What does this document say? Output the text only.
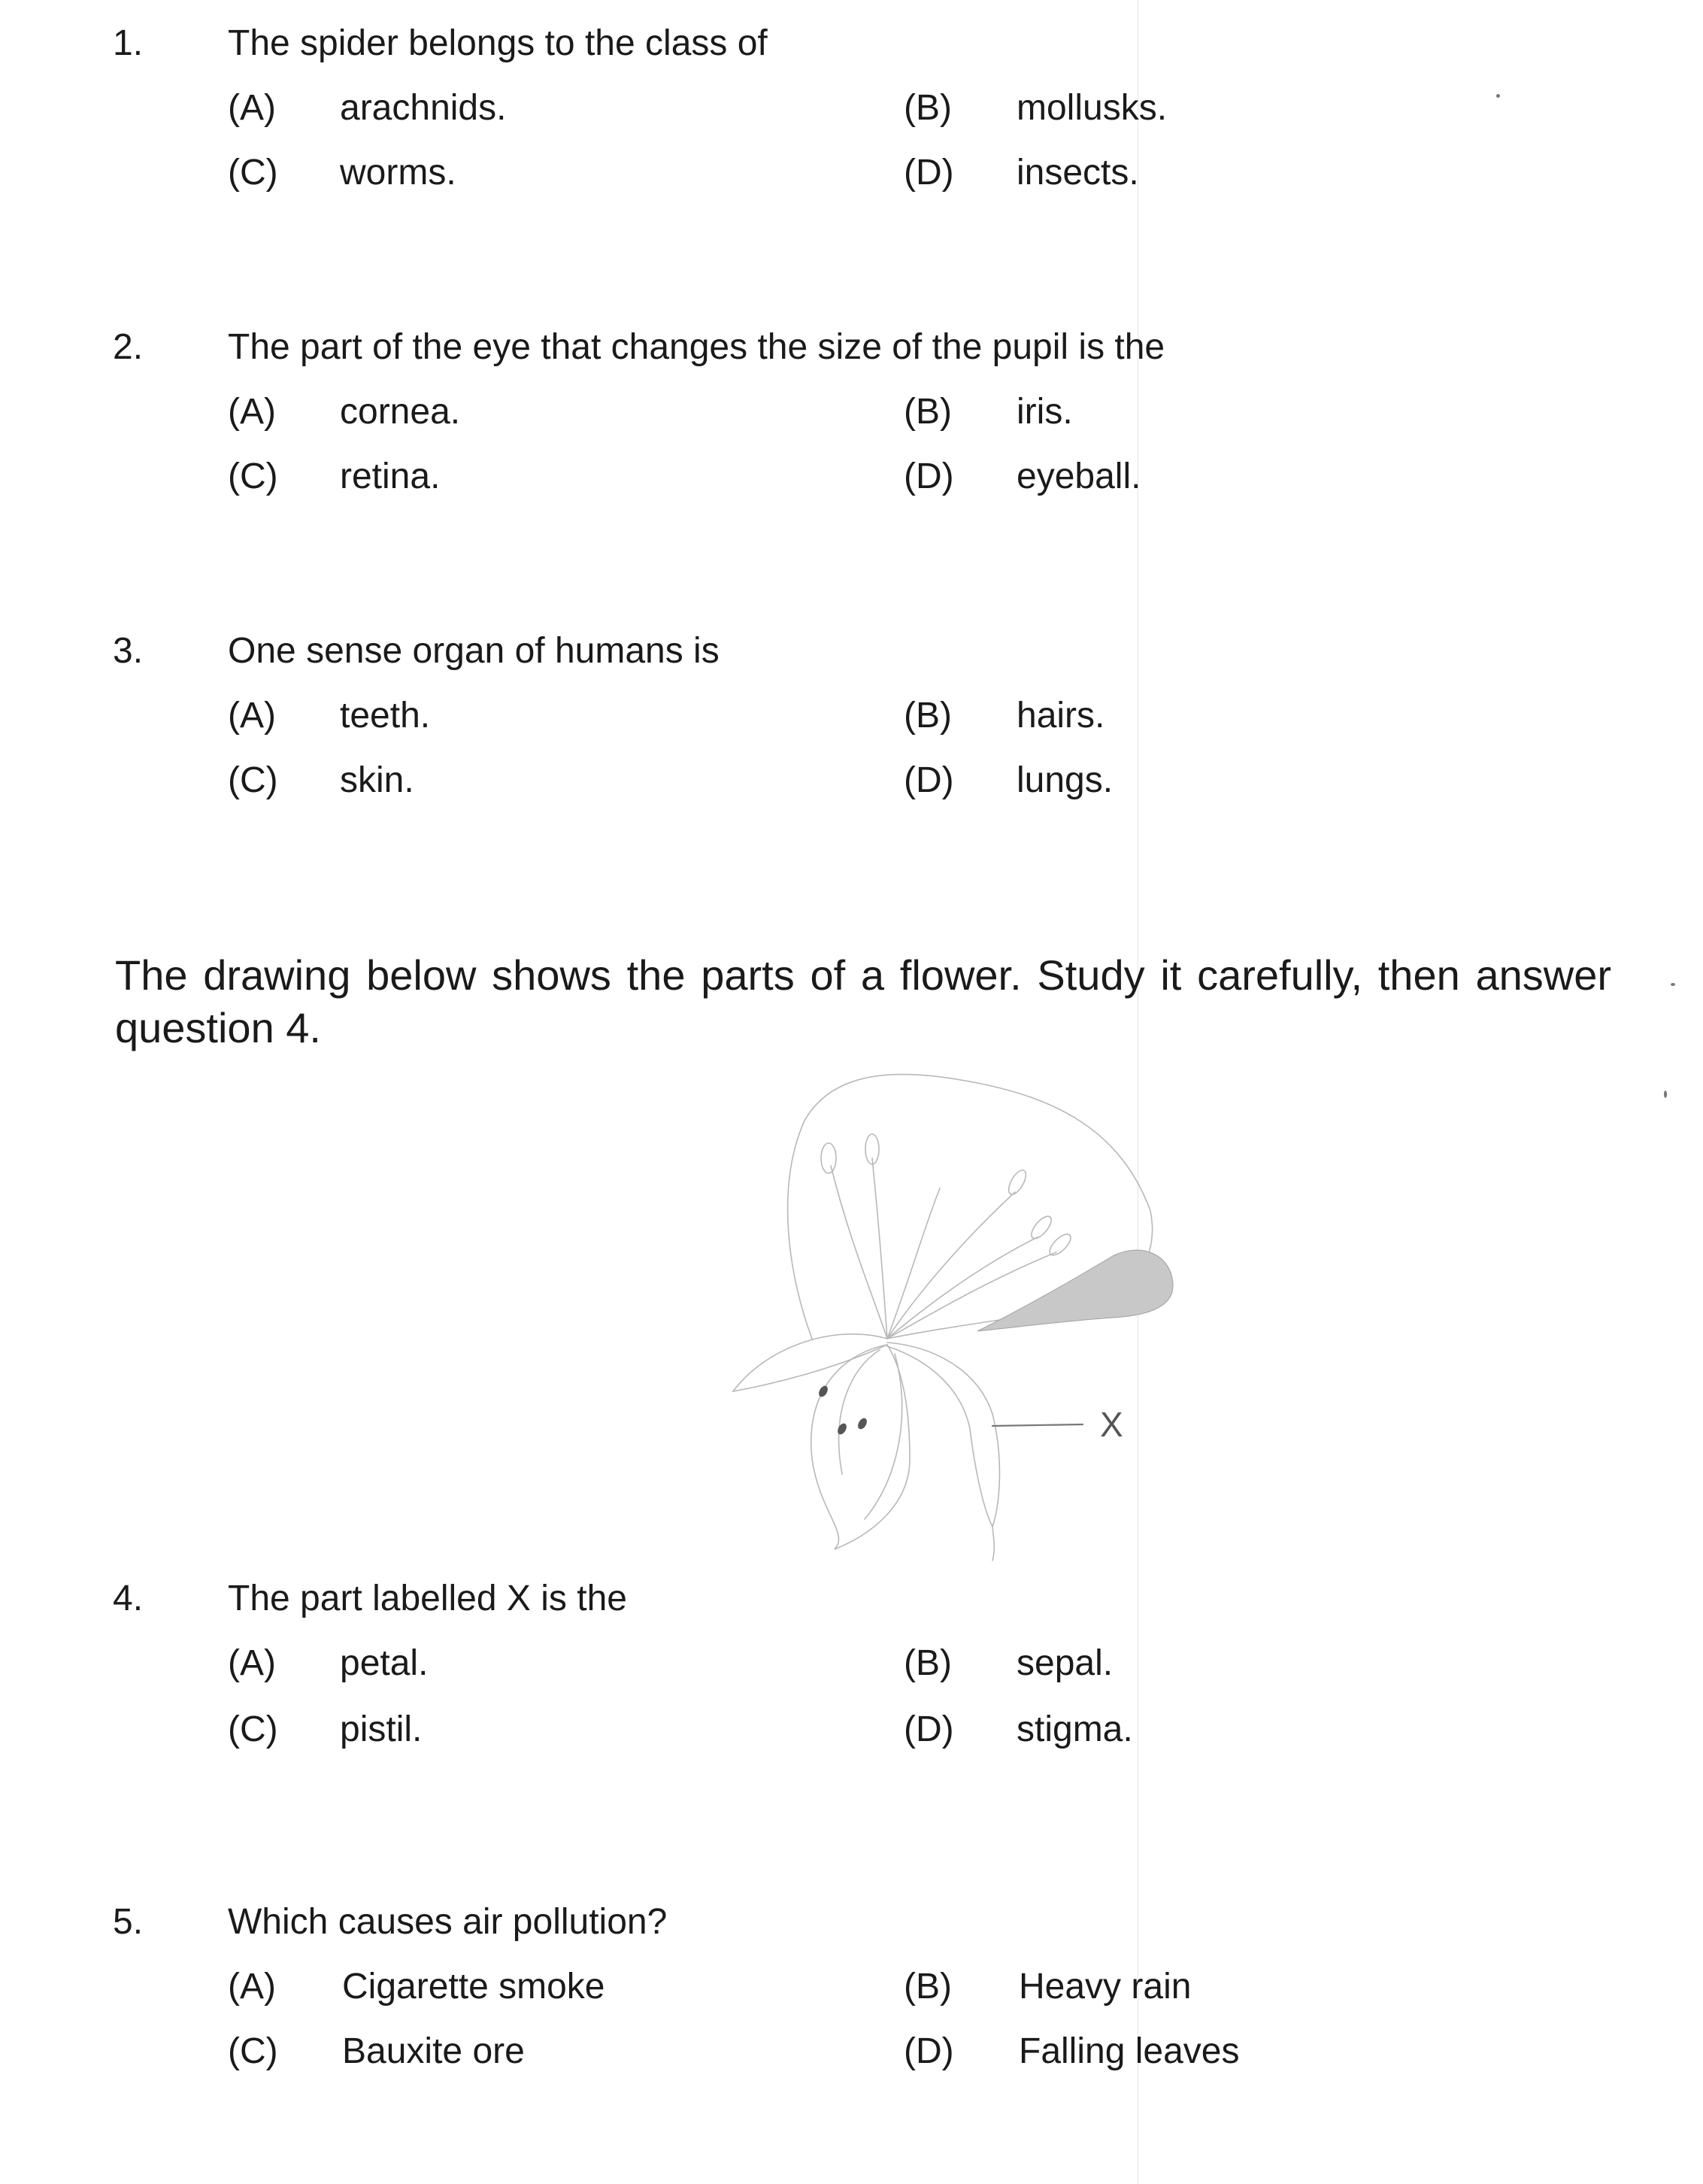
1. The spider belongs to the class of
(A) arachnids.	(B) mollusks.
(C) worms.	(D) insects.
2. The part of the eye that changes the size of the pupil is the
(A) cornea.	(B) iris.
(C) retina.	(D) eyeball.
3. One sense organ of humans is
(A) teeth.	(B) hairs.
(C) skin.	(D) lungs.
The drawing below shows the parts of a flower. Study it carefully, then answer question 4.
X
4. The part labelled X is the
(A) petal.	(B) sepal.
(C) pistil.	(D) stigma.
5. Which causes air pollution?
(A) Cigarette smoke	(B) Heavy rain
(C) Bauxite ore	(D) Falling leaves
